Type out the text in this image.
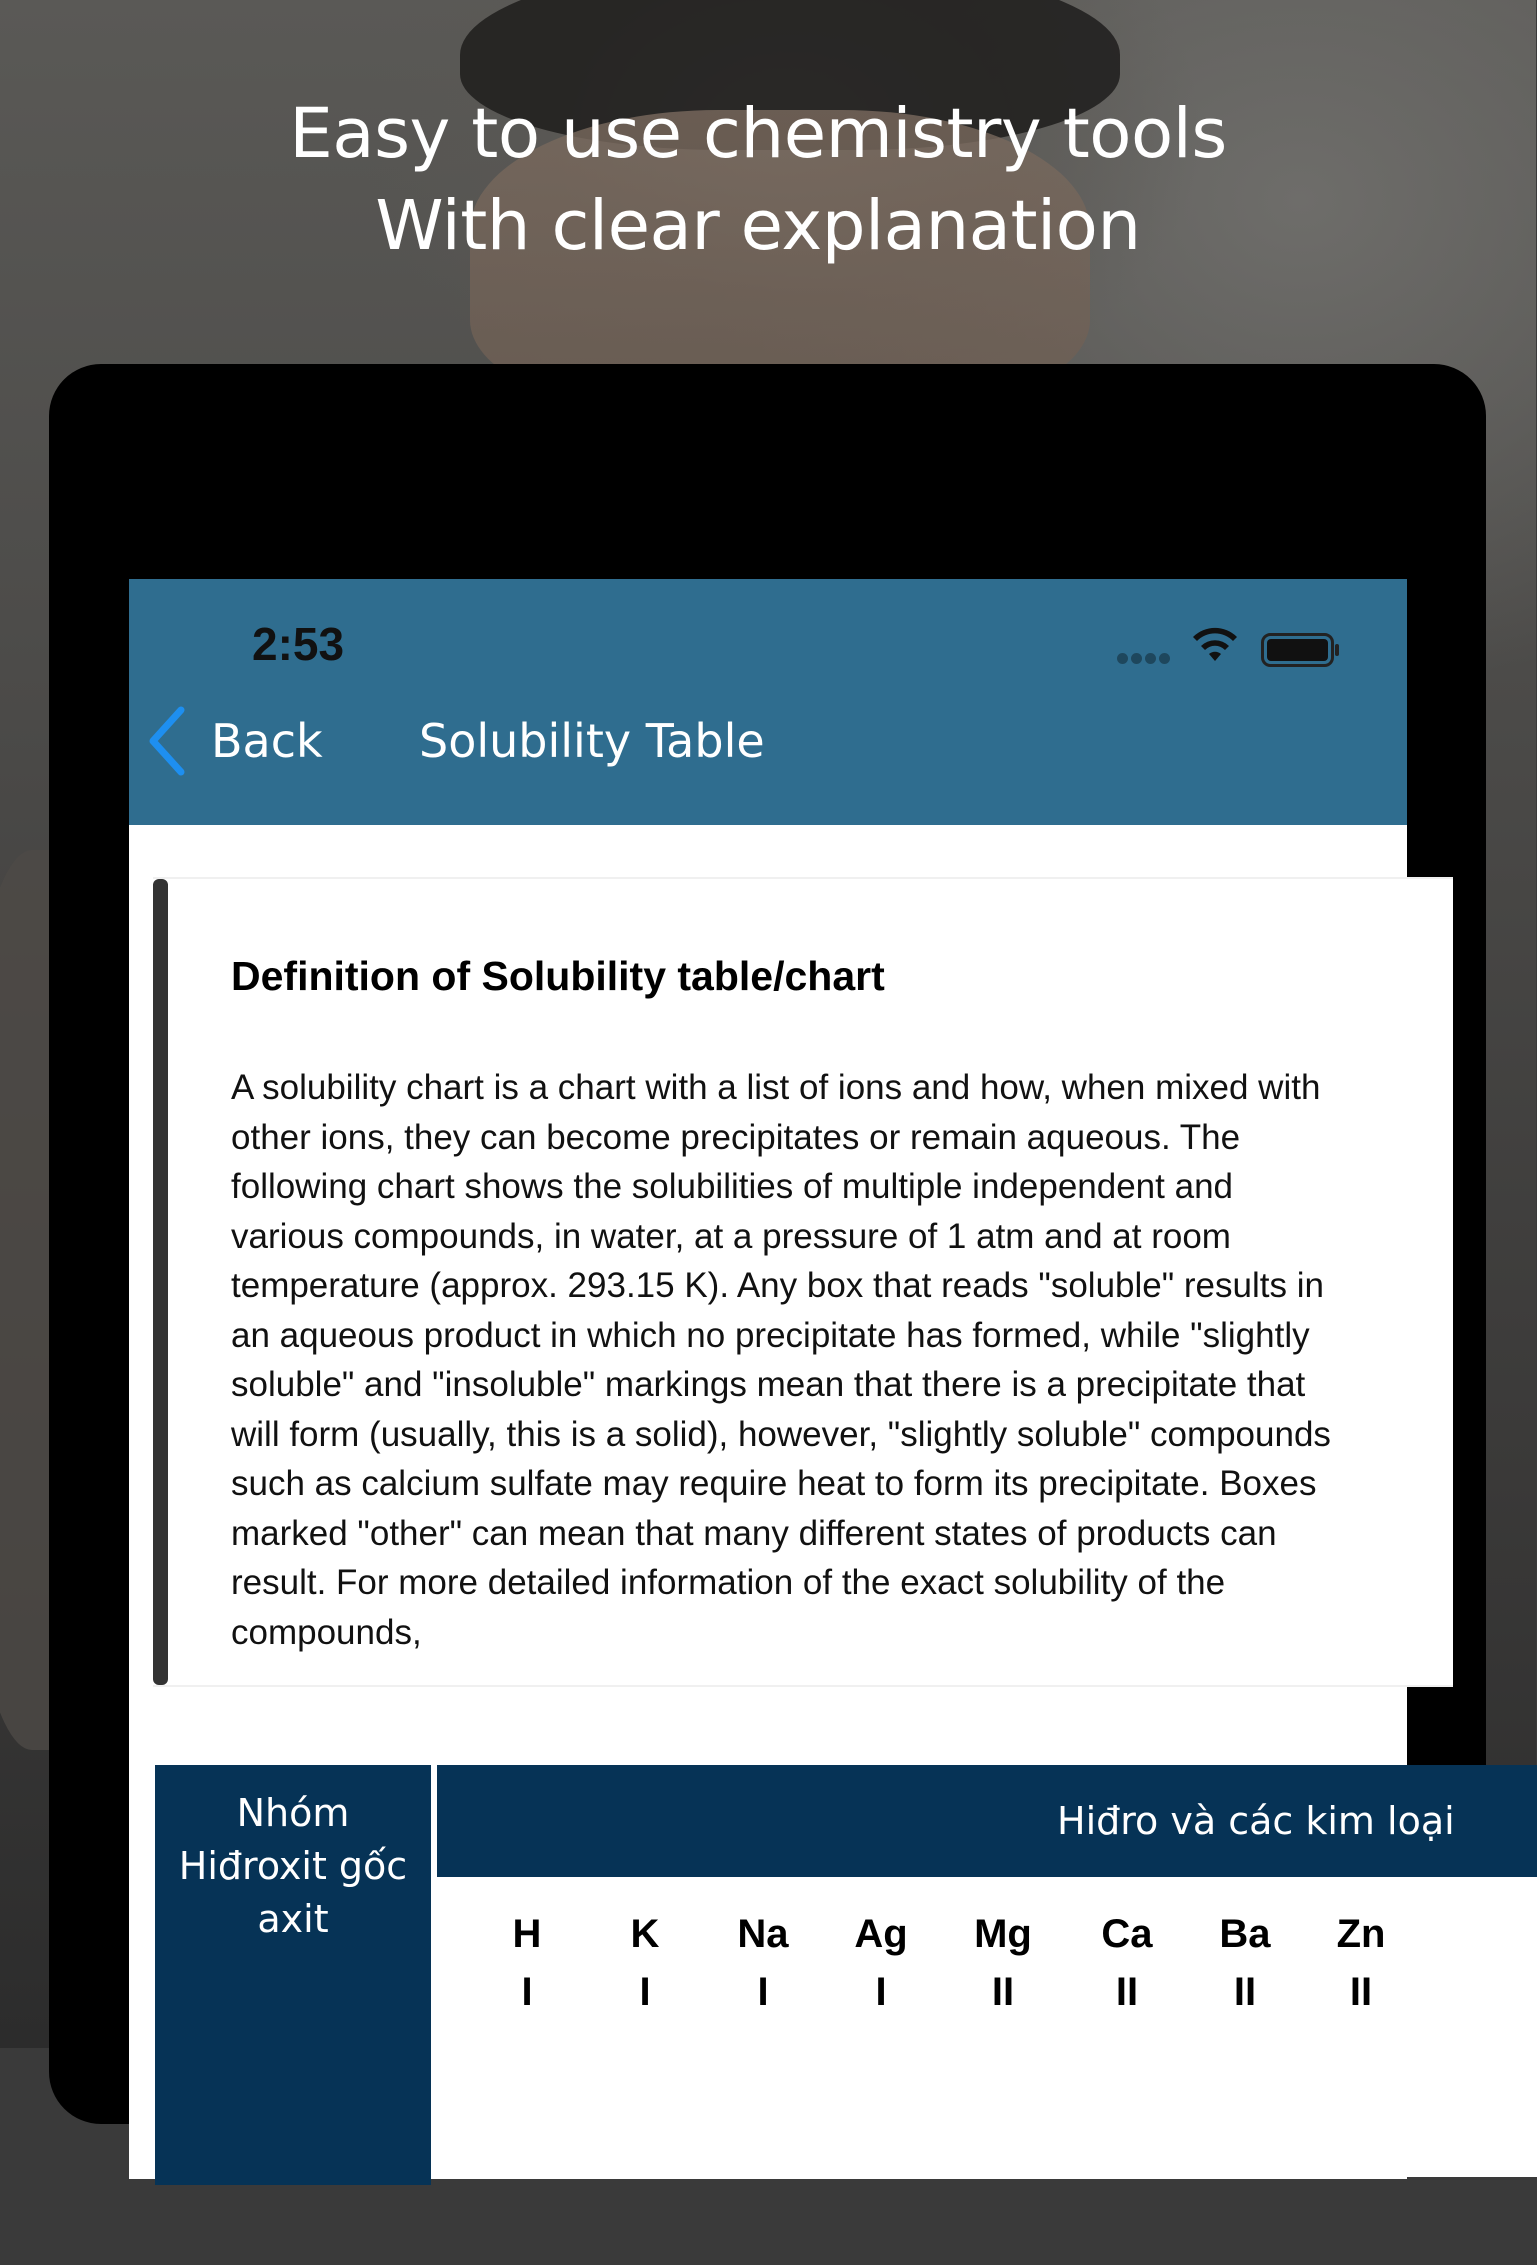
Easy to use chemistry tools
With clear explanation
2:53
Back Solubility Table
Definition of Solubility table/chart
A solubility chart is a chart with a list of ions and how, when mixed with
other ions, they can become precipitates or remain aqueous. The
following chart shows the solubilities of multiple independent and
various compounds, in water, at a pressure of 1 atm and at room
temperature (approx. 293.15 K). Any box that reads "soluble" results in
an aqueous product in which no precipitate has formed, while "slightly
soluble" and "insoluble" markings mean that there is a precipitate that
will form (usually, this is a solid), however, "slightly soluble" compounds
such as calcium sulfate may require heat to form its precipitate. Boxes
marked "other" can mean that many different states of products can
result. For more detailed information of the exact solubility of the
compounds,
Nhóm
Hiđroxit gốc
axit
Hiđro và các kim loại
H
I
K
I
Na
I
Ag
I
Mg
II
Ca
II
Ba
II
Zn
II
